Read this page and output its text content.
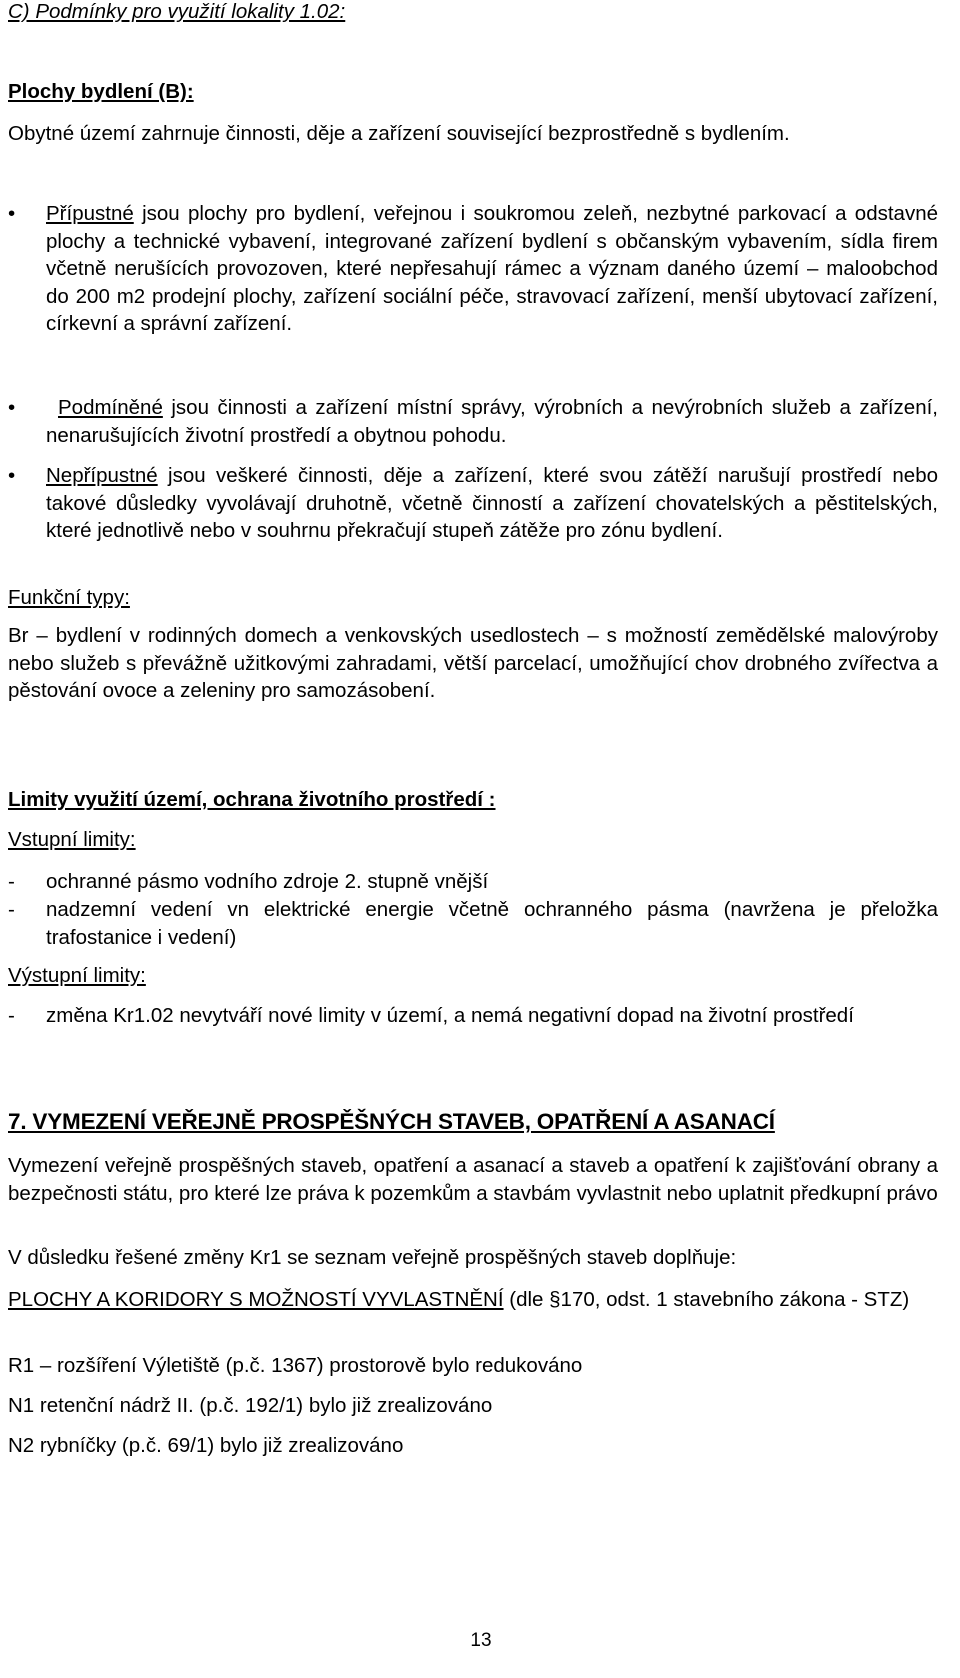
C) Podmínky pro využití lokality 1.02:
Plochy bydlení (B):
Obytné území zahrnuje činnosti, děje a zařízení související bezprostředně s bydlením.
•	Přípustné jsou plochy pro bydlení, veřejnou i soukromou zeleň, nezbytné parkovací a odstavné plochy a technické vybavení, integrované zařízení bydlení s občanským vybavením, sídla firem včetně nerušících provozoven, které nepřesahují rámec a význam daného území – maloobchod do 200 m2 prodejní plochy, zařízení sociální péče, stravovací zařízení, menší ubytovací zařízení, církevní a správní zařízení.
•	Podmíněné jsou činnosti a zařízení místní správy, výrobních a nevýrobních služeb a zařízení, nenarušujících životní prostředí a obytnou pohodu.
•	Nepřípustné jsou veškeré činnosti, děje a zařízení, které svou zátěží narušují prostředí nebo takové důsledky vyvolávají druhotně, včetně činností a zařízení chovatelských a pěstitelských, které jednotlivě nebo v souhrnu překračují stupeň zátěže pro zónu bydlení.
Funkční typy:
Br – bydlení v rodinných domech a venkovských usedlostech – s možností zemědělské malovýroby nebo služeb s převážně užitkovými zahradami, větší parcelací, umožňující chov drobného zvířectva a pěstování ovoce a zeleniny pro samozásobení.
Limity využití území, ochrana životního prostředí :
Vstupní limity:
-	ochranné pásmo vodního zdroje 2. stupně vnější
-	nadzemní vedení vn elektrické energie včetně ochranného pásma (navržena je přeložka trafostanice i vedení)
Výstupní limity:
-	změna Kr1.02 nevytváří nové limity v území, a nemá negativní dopad na životní prostředí
7. VYMEZENÍ VEŘEJNĚ PROSPĚŠNÝCH STAVEB, OPATŘENÍ A ASANACÍ
Vymezení veřejně prospěšných staveb, opatření a asanací a staveb a opatření k zajišťování obrany a bezpečnosti státu, pro které lze práva k pozemkům a stavbám vyvlastnit nebo uplatnit předkupní právo
V důsledku řešené změny Kr1 se seznam veřejně prospěšných staveb doplňuje:
PLOCHY A KORIDORY S MOŽNOSTÍ VYVLASTNĚNÍ (dle §170, odst. 1 stavebního zákona - STZ)
R1 – rozšíření Výletiště (p.č. 1367) prostorově bylo redukováno
N1 retenční nádrž II. (p.č. 192/1) bylo již zrealizováno
N2 rybníčky (p.č. 69/1) bylo již zrealizováno
13
